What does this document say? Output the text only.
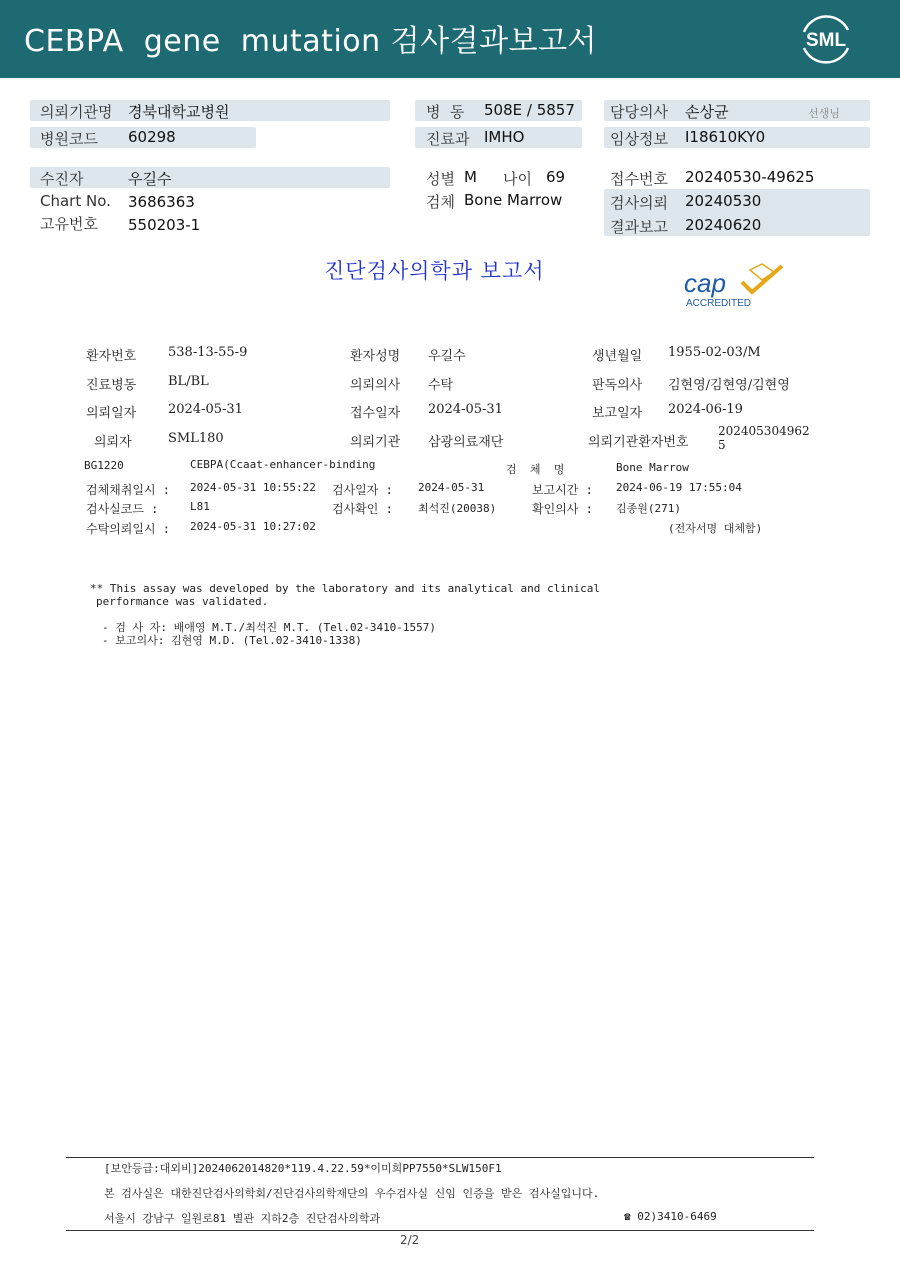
CEBPA  gene  mutation 검사결과보고서	SML
의뢰기관명 경북대학교병원
병원코드 60298
병  동 508E / 5857
진료과 IMHO
담당의사 손상균	선생님
임상정보 I18610KY0
수진자	우길수
Chart No. 3686363
고유번호 550203-1
성별 M 나이 69
검체 Bone Marrow
접수번호 20240530-49625
검사의뢰 20240530
결과보고 20240620
진단검사의학과 보고서	cap
ACCREDITED
환자번호 538-13-55-9	환자성명 우길수	생년월일 1955-02-03/M
진료병동 BL/BL	의뢰의사 수탁	판독의사 김현영/김현영/김현영
의뢰일자 2024-05-31	접수일자 2024-05-31	보고일자 2024-06-19
의뢰자	SML180	의뢰기관 삼광의료재단	의뢰기관환자번호
202405304962
5
BG1220	CEBPA(Ccaat-enhancer-binding	검  체  명	Bone Marrow
검체채취일시 : 2024-05-31 10:55:22 검사일자 : 2024-05-31	보고시간 : 2024-06-19 17:55:04
검사실코드 :	L81	검사확인 : 최석진(20038)	확인의사 : 김종원(271)
수탁의뢰일시 : 2024-05-31 10:27:02	(전자서명 대체함)
** This assay was developed by the laboratory and its analytical and clinical
performance was validated.
- 검 사 자: 배애영 M.T./최석진 M.T. (Tel.02-3410-1557)
- 보고의사: 김현영 M.D. (Tel.02-3410-1338)
[보안등급:대외비]2024062014820*119.4.22.59*이미희PP7550*SLW150F1
본 검사실은 대한진단검사의학회/진단검사의학재단의 우수검사실 신임 인증을 받은 검사실입니다.
서울시 강남구 일원로81 별관 지하2층 진단검사의학과	☎ 02)3410-6469
2/2
